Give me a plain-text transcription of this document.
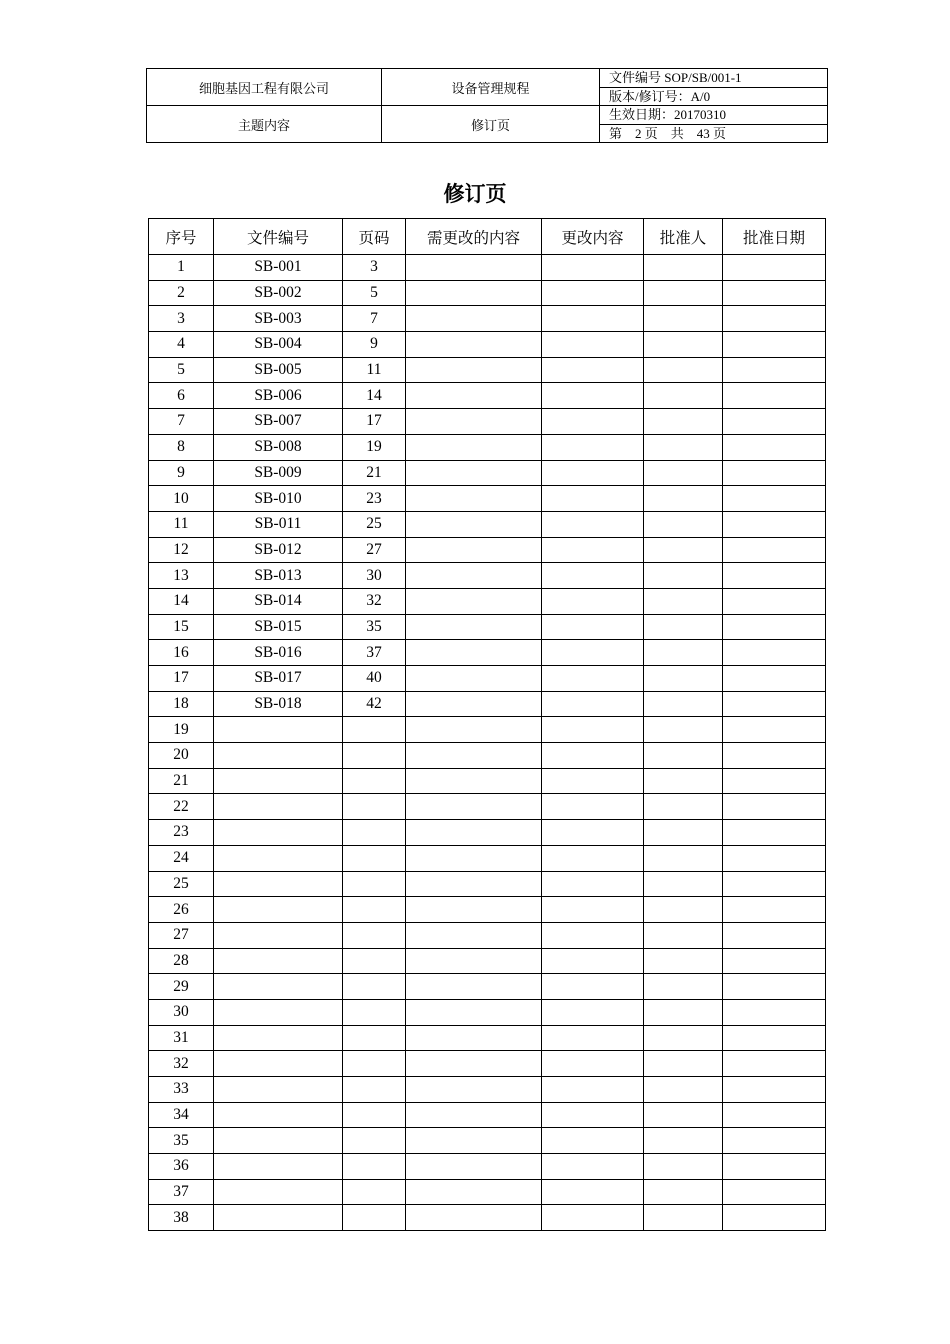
细胞基因工程有限公司	设备管理规程	文件编号 SOP/SB/001-1
		版本/修订号：A/0
主题内容	修订页	生效日期：20170310
		第　2 页　共　43 页
修订页
序号	文件编号	页码	需更改的内容	更改内容	批准人	批准日期
1	SB-001	3				
2	SB-002	5				
3	SB-003	7				
4	SB-004	9				
5	SB-005	11				
6	SB-006	14				
7	SB-007	17				
8	SB-008	19				
9	SB-009	21				
10	SB-010	23				
11	SB-011	25				
12	SB-012	27				
13	SB-013	30				
14	SB-014	32				
15	SB-015	35				
16	SB-016	37				
17	SB-017	40				
18	SB-018	42				
19						
20						
21						
22						
23						
24						
25						
26						
27						
28						
29						
30						
31						
32						
33						
34						
35						
36						
37						
38						
